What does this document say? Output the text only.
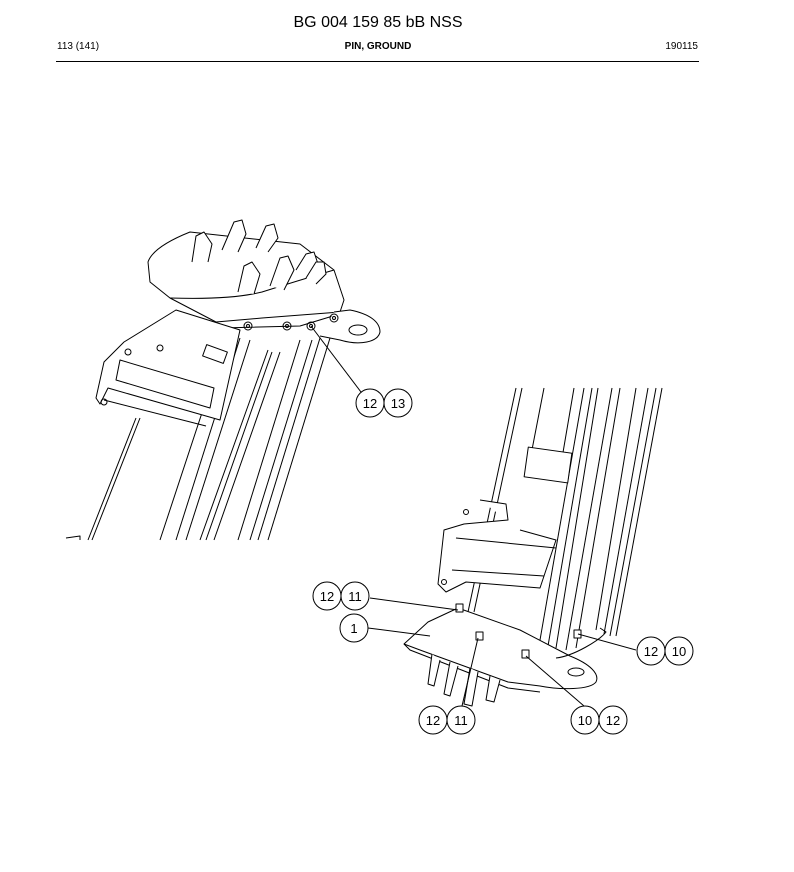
BG 004 159 85 bB NSS
113 (141)	PIN, GROUND	190115
12 13
12 11
1
12 11	10 12
12 10
